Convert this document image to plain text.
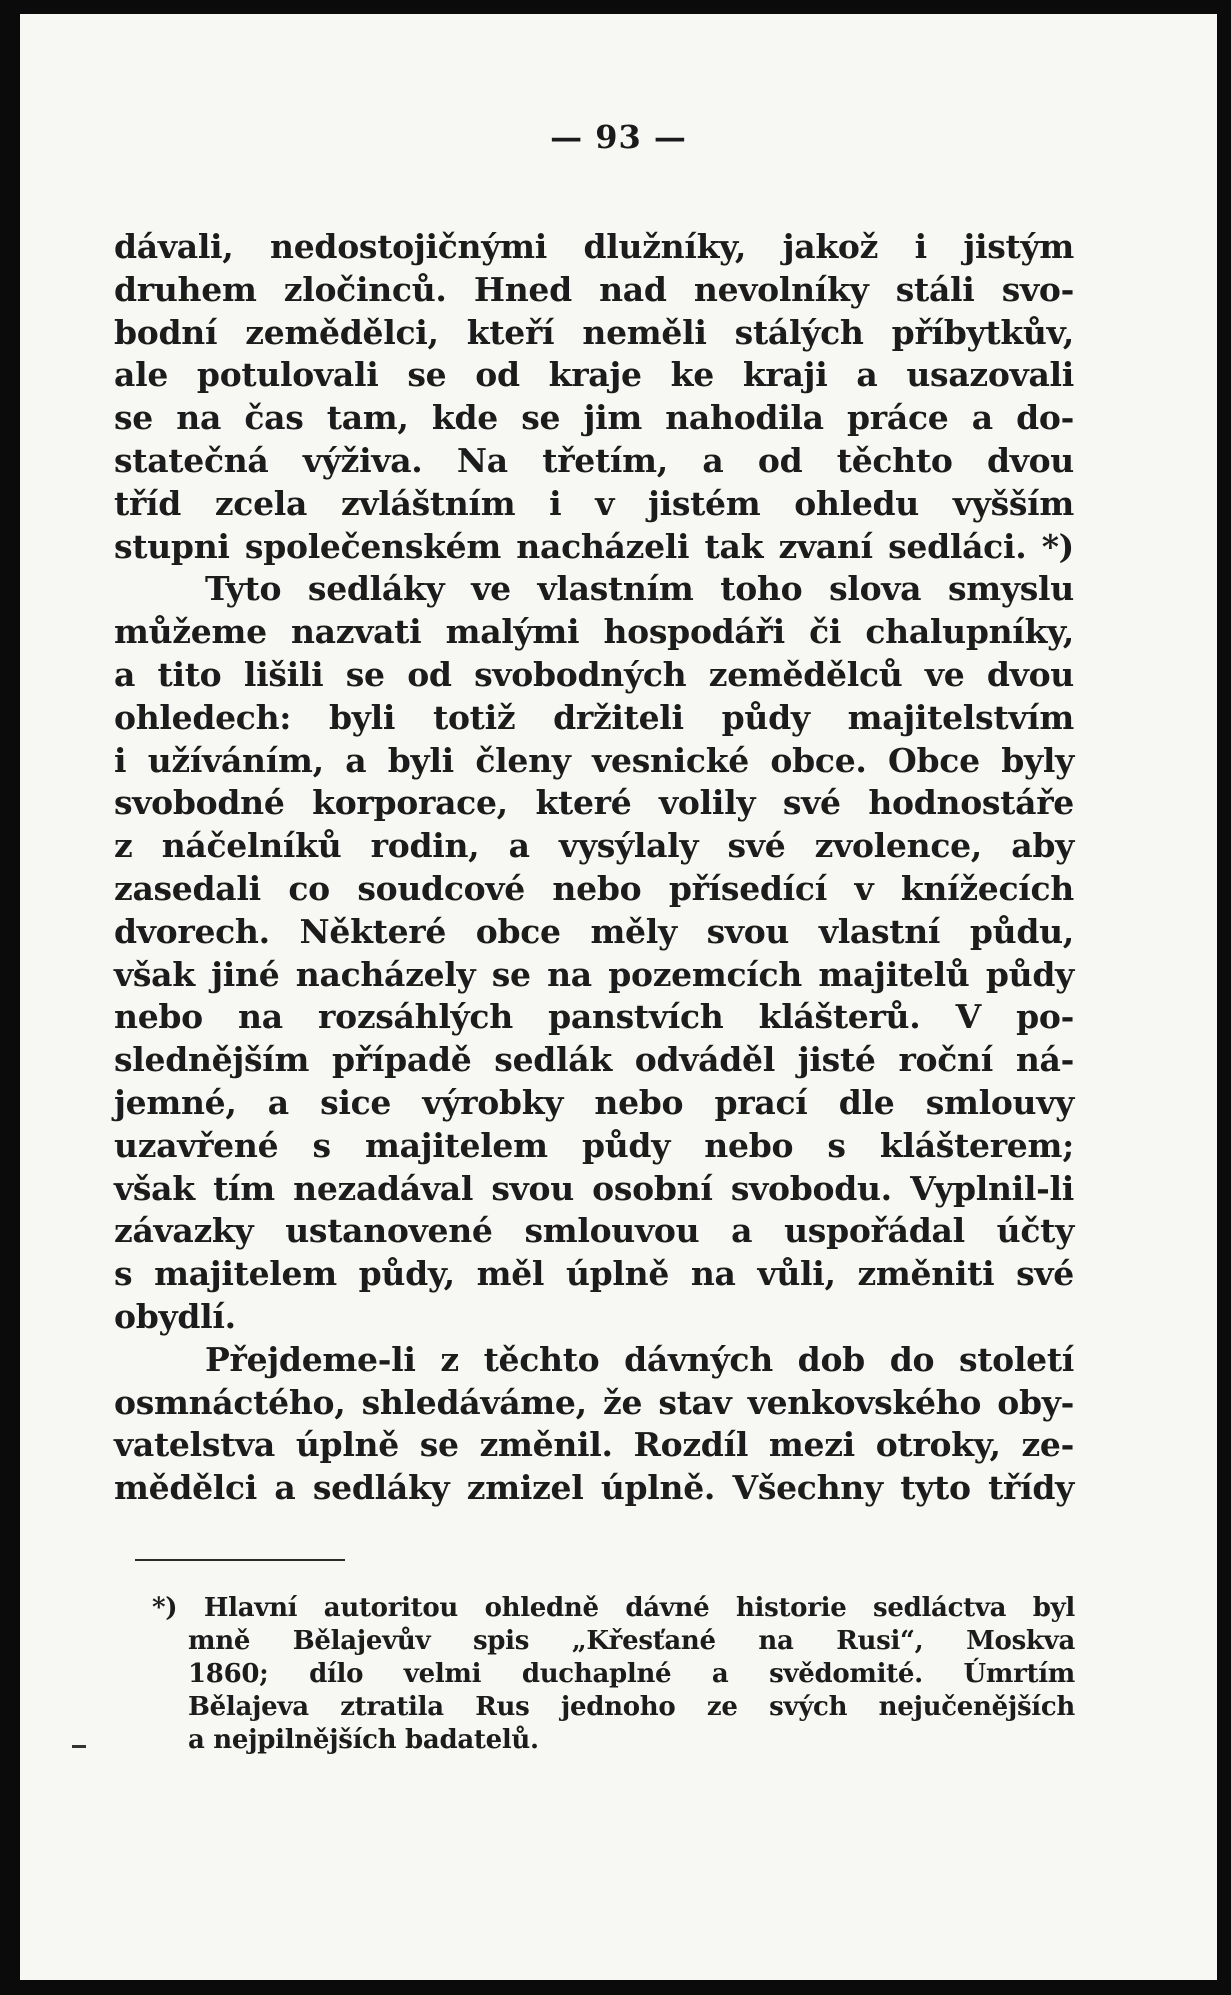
— 93 —
dávali, nedostojičnými dlužníky, jakož i jistým
druhem zločinců. Hned nad nevolníky stáli svo-
bodní zemědělci, kteří neměli stálých příbytkův,
ale potulovali se od kraje ke kraji a usazovali
se na čas tam, kde se jim nahodila práce a do-
statečná výživa. Na třetím, a od těchto dvou
tříd zcela zvláštním i v jistém ohledu vyšším
stupni společenském nacházeli tak zvaní sedláci. *)
Tyto sedláky ve vlastním toho slova smyslu
můžeme nazvati malými hospodáři či chalupníky,
a tito lišili se od svobodných zemědělců ve dvou
ohledech: byli totiž držiteli půdy majitelstvím
i užíváním, a byli členy vesnické obce. Obce byly
svobodné korporace, které volily své hodnostáře
z náčelníků rodin, a vysýlaly své zvolence, aby
zasedali co soudcové nebo přísedící v knížecích
dvorech. Některé obce měly svou vlastní půdu,
však jiné nacházely se na pozemcích majitelů půdy
nebo na rozsáhlých panstvích klášterů. V po-
slednějším případě sedlák odváděl jisté roční ná-
jemné, a sice výrobky nebo prací dle smlouvy
uzavřené s majitelem půdy nebo s klášterem;
však tím nezadával svou osobní svobodu. Vyplnil-li
závazky ustanovené smlouvou a uspořádal účty
s majitelem půdy, měl úplně na vůli, změniti své
obydlí.
Přejdeme-li z těchto dávných dob do století
osmnáctého, shledáváme, že stav venkovského oby-
vatelstva úplně se změnil. Rozdíl mezi otroky, ze-
mědělci a sedláky zmizel úplně. Všechny tyto třídy
*) Hlavní autoritou ohledně dávné historie sedláctva byl
mně Bělajevův spis „Křesťané na Rusi“, Moskva
1860; dílo velmi duchaplné a svědomité. Úmrtím
Bělajeva ztratila Rus jednoho ze svých nejučenějších
a nejpilnějších badatelů.
